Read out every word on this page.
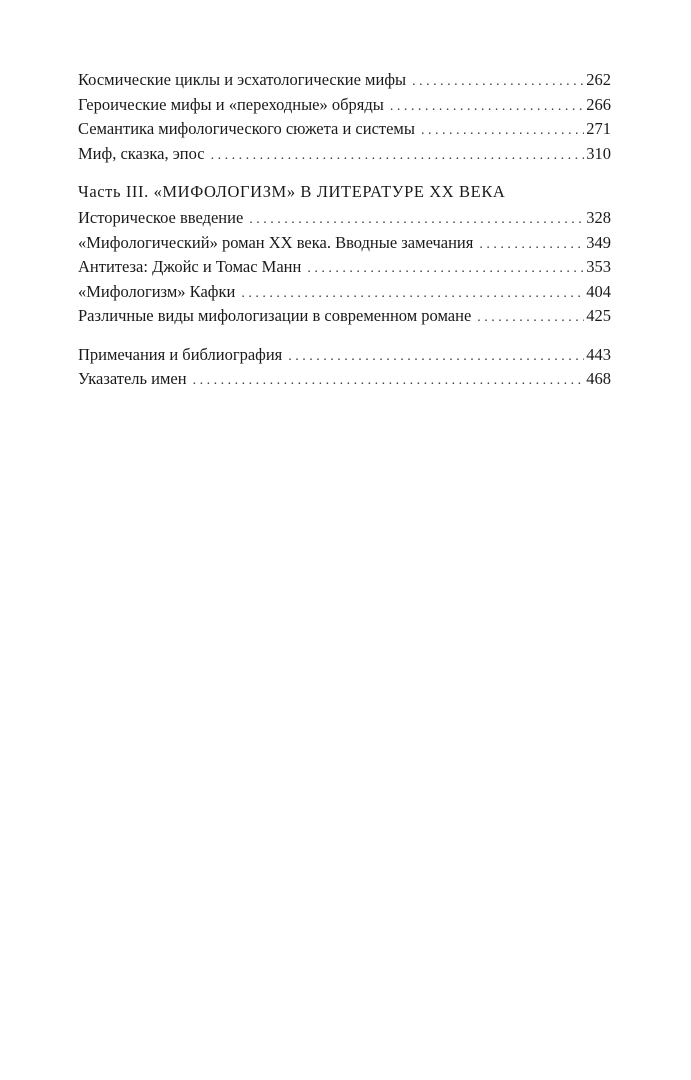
Космические циклы и эсхатологические мифы . . .	262
Героические мифы и «переходные» обряды . . .	266
Семантика мифологического сюжета и системы . . .	271
Миф, сказка, эпос . . .	310
Часть III. «МИФОЛОГИЗМ» В ЛИТЕРАТУРЕ XX ВЕКА
Историческое введение . . .	328
«Мифологический» роман XX века. Вводные замечания . . .	349
Антитеза: Джойс и Томас Манн . . .	353
«Мифологизм» Кафки . . .	404
Различные виды мифологизации в современном романе . . .	425
Примечания и библиография . . .	443
Указатель имен . . .	468
